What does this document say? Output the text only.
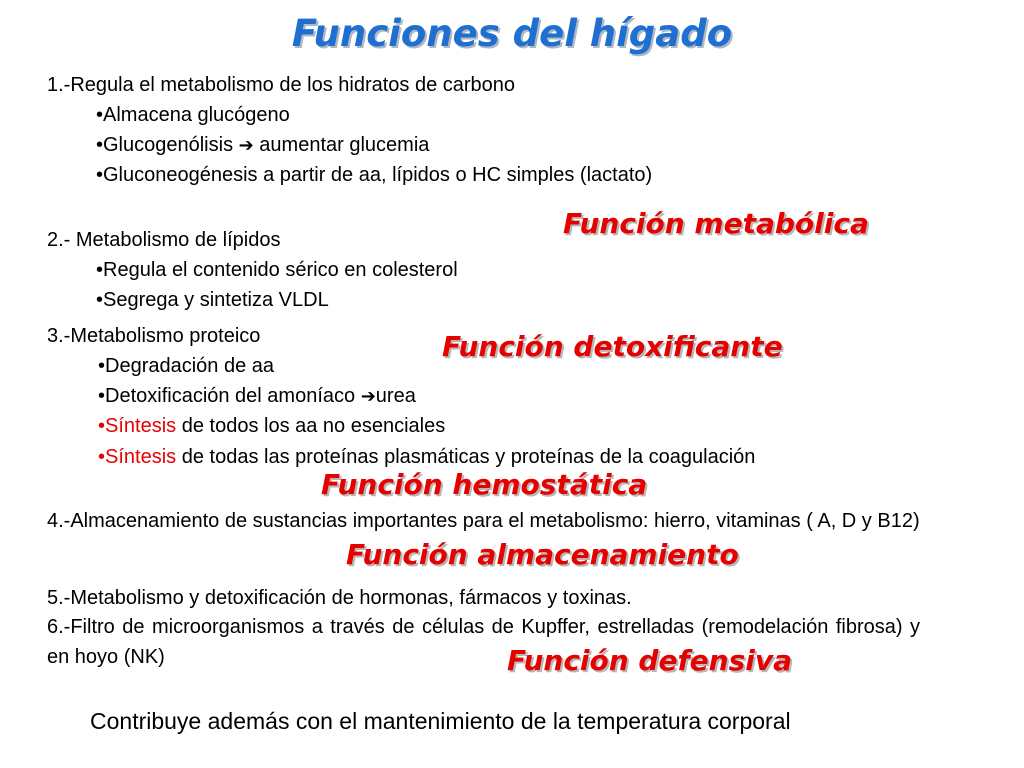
Funciones del hígado
1.-Regula el metabolismo de los hidratos de carbono
•Almacena glucógeno
•Glucogenólisis ➔ aumentar glucemia
•Gluconeogénesis a partir de aa, lípidos o HC simples (lactato)
2.- Metabolismo de lípidos
•Regula el contenido sérico en colesterol
•Segrega y sintetiza VLDL
3.-Metabolismo proteico
•Degradación de aa
•Detoxificación del amoníaco ➔urea
•Síntesis de todos los aa no esenciales
•Síntesis de todas las proteínas plasmáticas y proteínas de la coagulación
4.-Almacenamiento de sustancias importantes para el metabolismo: hierro, vitaminas ( A, D y B12)
5.-Metabolismo y detoxificación de hormonas, fármacos y toxinas.
6.-Filtro de microorganismos a través de células de Kupffer, estrelladas (remodelación fibrosa) y en hoyo (NK)
Función metabólica
Función detoxificante
Función hemostática
Función almacenamiento
Función defensiva
Contribuye además con el mantenimiento de la temperatura corporal
